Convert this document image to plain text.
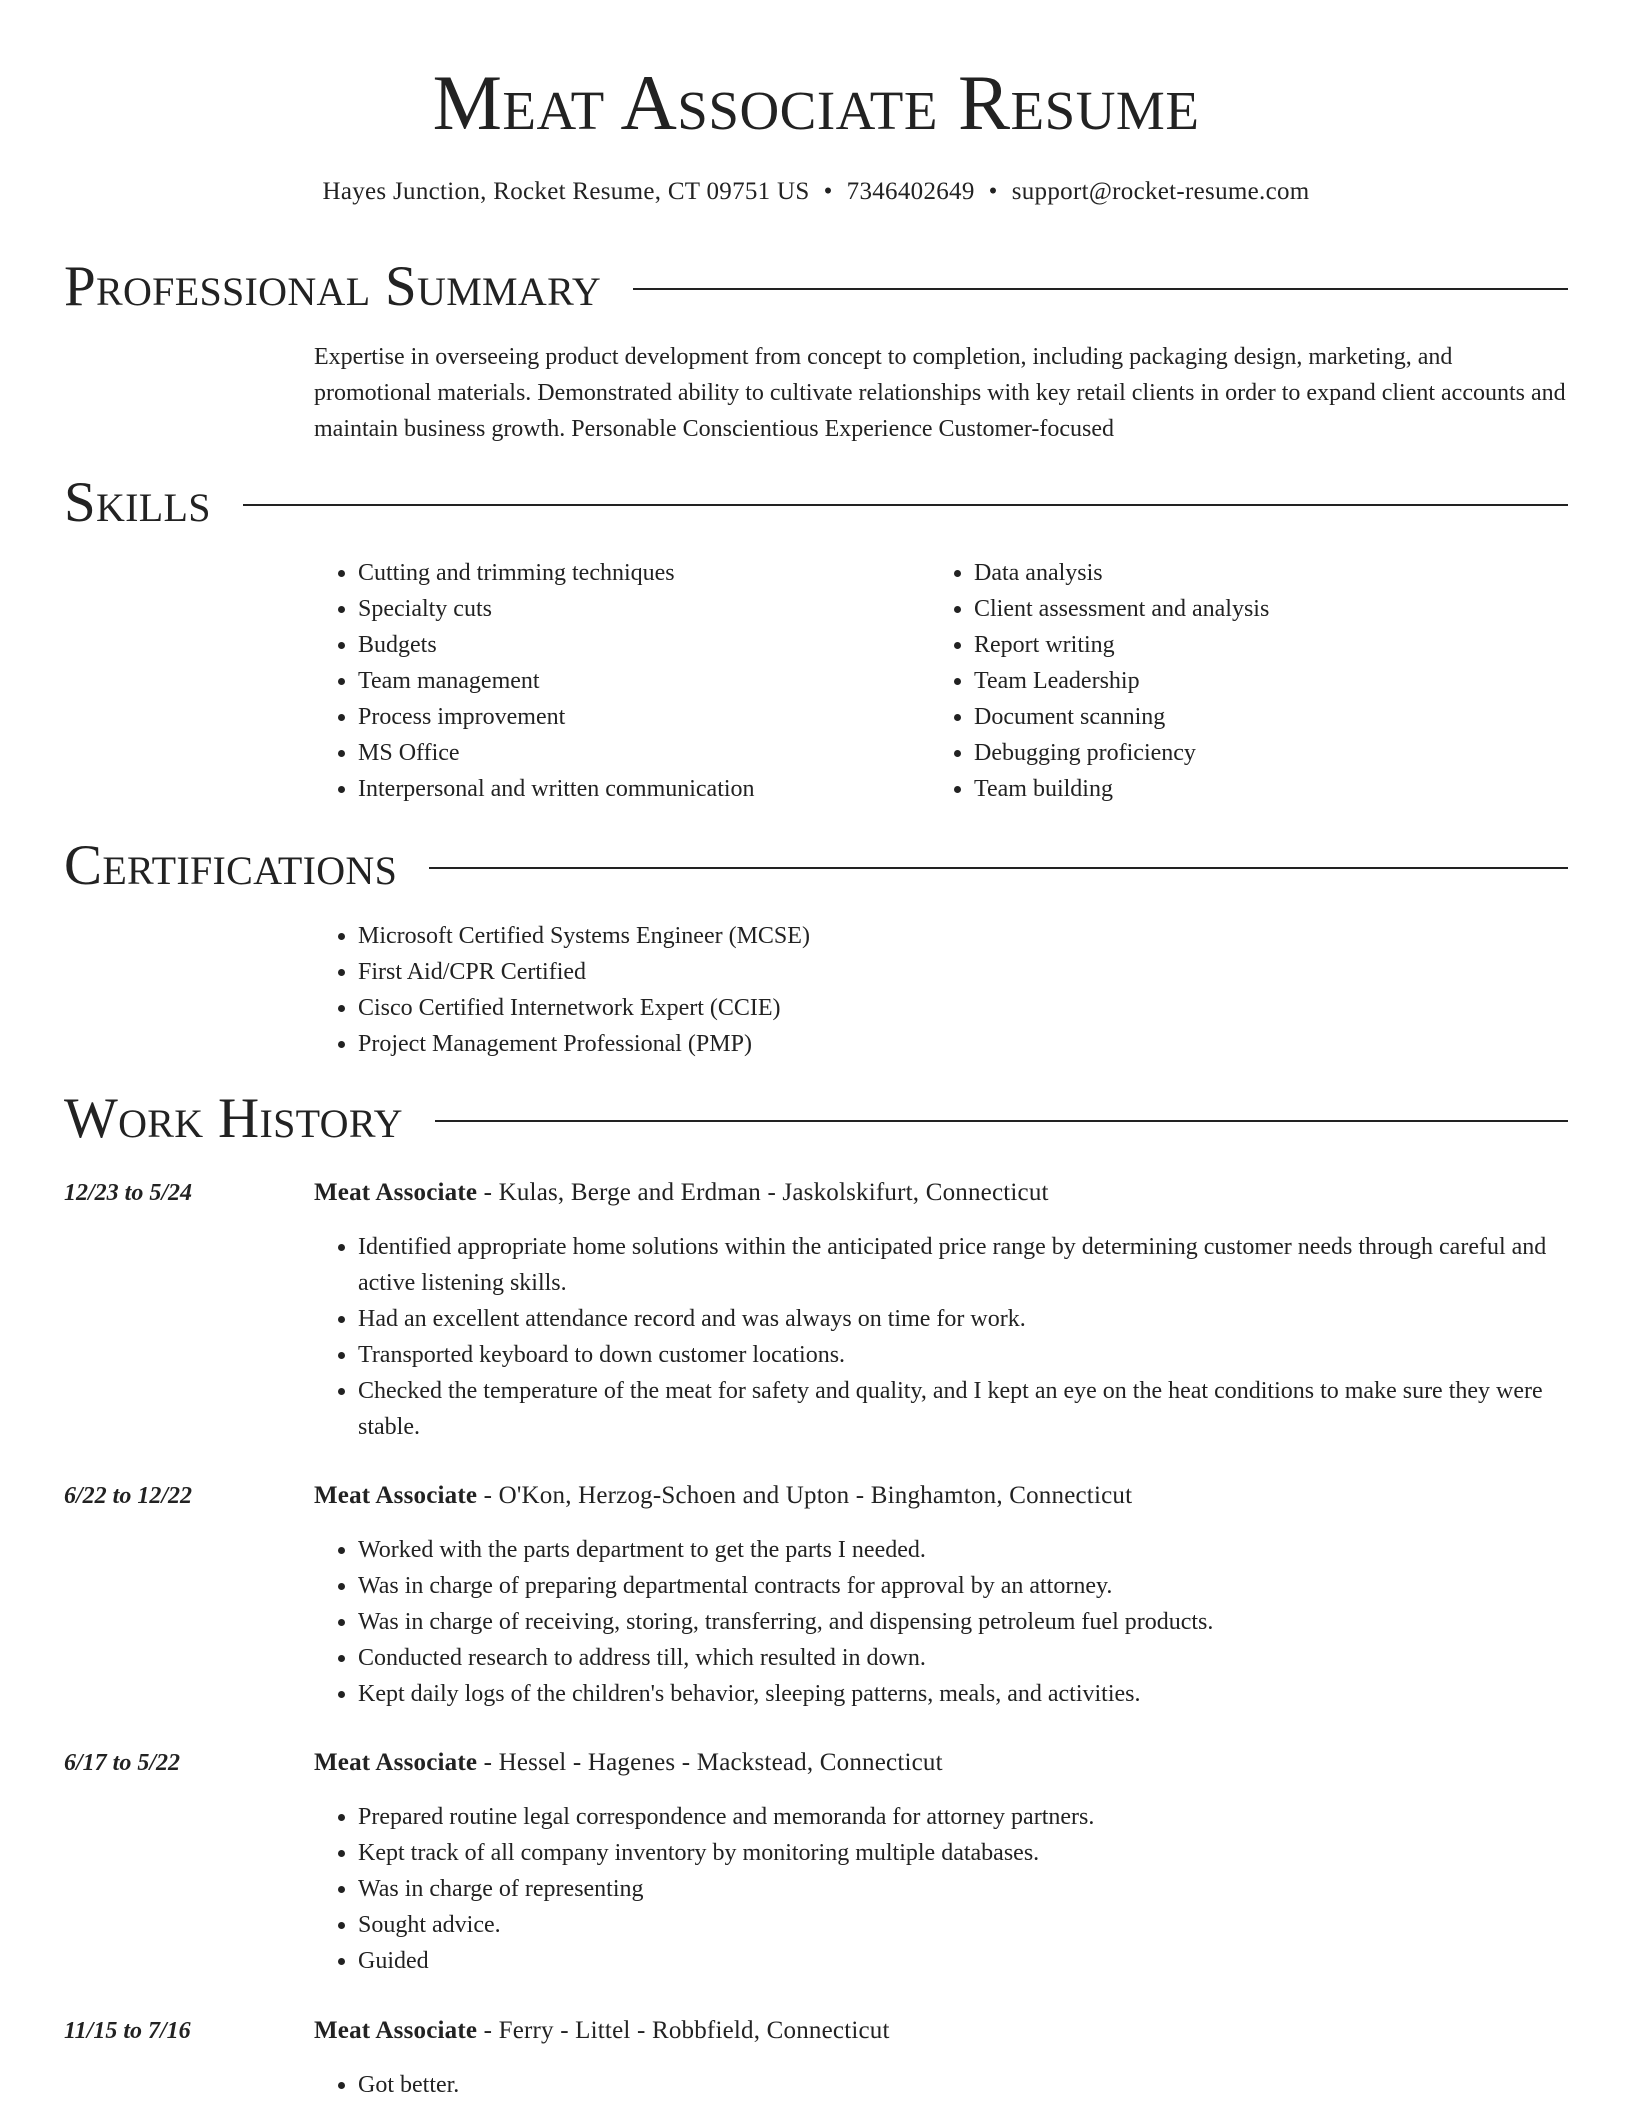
Meat Associate Resume
Hayes Junction, Rocket Resume, CT 09751 US • 7346402649 • support@rocket-resume.com
Professional Summary

Expertise in overseeing product development from concept to completion, including packaging design, marketing, and promotional materials. Demonstrated ability to cultivate relationships with key retail clients in order to expand client accounts and maintain business growth. Personable Conscientious Experience Customer-focused

Skills
• Cutting and trimming techniques
• Specialty cuts
• Budgets
• Team management
• Process improvement
• MS Office
• Interpersonal and written communication
• Data analysis
• Client assessment and analysis
• Report writing
• Team Leadership
• Document scanning
• Debugging proficiency
• Team building
Certifications
• Microsoft Certified Systems Engineer (MCSE)
• First Aid/CPR Certified
• Cisco Certified Internetwork Expert (CCIE)
• Project Management Professional (PMP)
Work History
12/23 to 5/24	Meat Associate - Kulas, Berge and Erdman - Jaskolskifurt, Connecticut
• Identified appropriate home solutions within the anticipated price range by determining customer needs through careful and active listening skills.
• Had an excellent attendance record and was always on time for work.
• Transported keyboard to down customer locations.
• Checked the temperature of the meat for safety and quality, and I kept an eye on the heat conditions to make sure they were stable.
6/22 to 12/22	Meat Associate - O'Kon, Herzog-Schoen and Upton - Binghamton, Connecticut
• Worked with the parts department to get the parts I needed.
• Was in charge of preparing departmental contracts for approval by an attorney.
• Was in charge of receiving, storing, transferring, and dispensing petroleum fuel products.
• Conducted research to address till, which resulted in down.
• Kept daily logs of the children's behavior, sleeping patterns, meals, and activities.
6/17 to 5/22	Meat Associate - Hessel - Hagenes - Mackstead, Connecticut
• Prepared routine legal correspondence and memoranda for attorney partners.
• Kept track of all company inventory by monitoring multiple databases.
• Was in charge of representing
• Sought advice.
• Guided
11/15 to 7/16	Meat Associate - Ferry - Littel - Robbfield, Connecticut
• Got better.
